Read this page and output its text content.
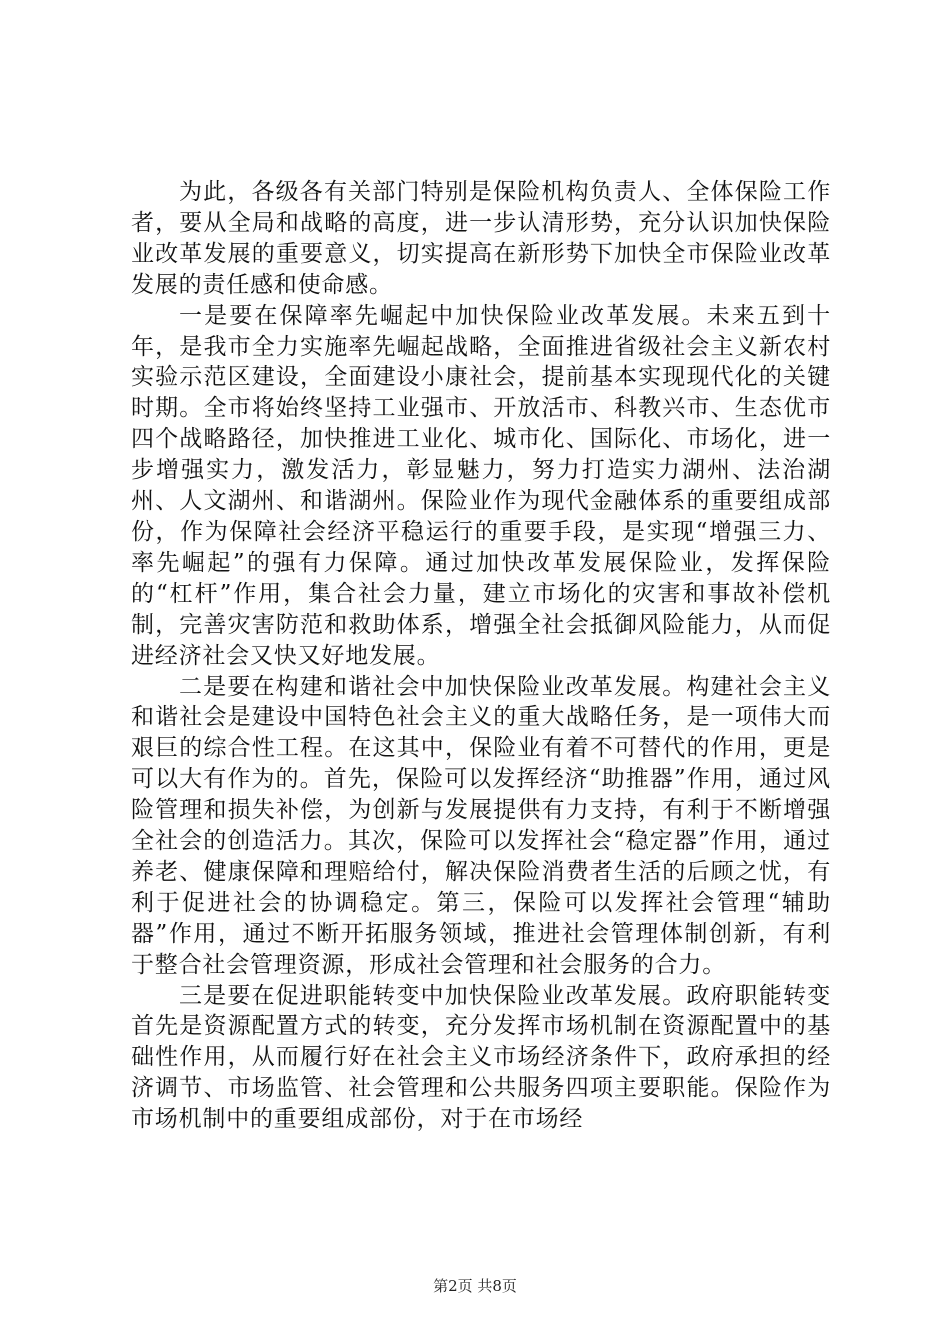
为此，各级各有关部门特别是保险机构负责人、全体保险工作者，要从全局和战略的高度，进一步认清形势，充分认识加快保险业改革发展的重要意义，切实提高在新形势下加快全市保险业改革发展的责任感和使命感。

一是要在保障率先崛起中加快保险业改革发展。未来五到十年，是我市全力实施率先崛起战略，全面推进省级社会主义新农村实验示范区建设，全面建设小康社会，提前基本实现现代化的关键时期。全市将始终坚持工业强市、开放活市、科教兴市、生态优市四个战略路径，加快推进工业化、城市化、国际化、市场化，进一步增强实力，激发活力，彰显魅力，努力打造实力湖州、法治湖州、人文湖州、和谐湖州。保险业作为现代金融体系的重要组成部份，作为保障社会经济平稳运行的重要手段，是实现“增强三力、率先崛起”的强有力保障。通过加快改革发展保险业，发挥保险的“杠杆”作用，集合社会力量，建立市场化的灾害和事故补偿机制，完善灾害防范和救助体系，增强全社会抵御风险能力，从而促进经济社会又快又好地发展。

二是要在构建和谐社会中加快保险业改革发展。构建社会主义和谐社会是建设中国特色社会主义的重大战略任务，是一项伟大而艰巨的综合性工程。在这其中，保险业有着不可替代的作用，更是可以大有作为的。首先，保险可以发挥经济“助推器”作用，通过风险管理和损失补偿，为创新与发展提供有力支持，有利于不断增强全社会的创造活力。其次，保险可以发挥社会“稳定器”作用，通过养老、健康保障和理赔给付，解决保险消费者生活的后顾之忧，有利于促进社会的协调稳定。第三，保险可以发挥社会管理“辅助器”作用，通过不断开拓服务领域，推进社会管理体制创新，有利于整合社会管理资源，形成社会管理和社会服务的合力。

三是要在促进职能转变中加快保险业改革发展。政府职能转变首先是资源配置方式的转变，充分发挥市场机制在资源配置中的基础性作用，从而履行好在社会主义市场经济条件下，政府承担的经济调节、市场监管、社会管理和公共服务四项主要职能。保险作为市场机制中的重要组成部份，对于在市场经

第2页 共8页
